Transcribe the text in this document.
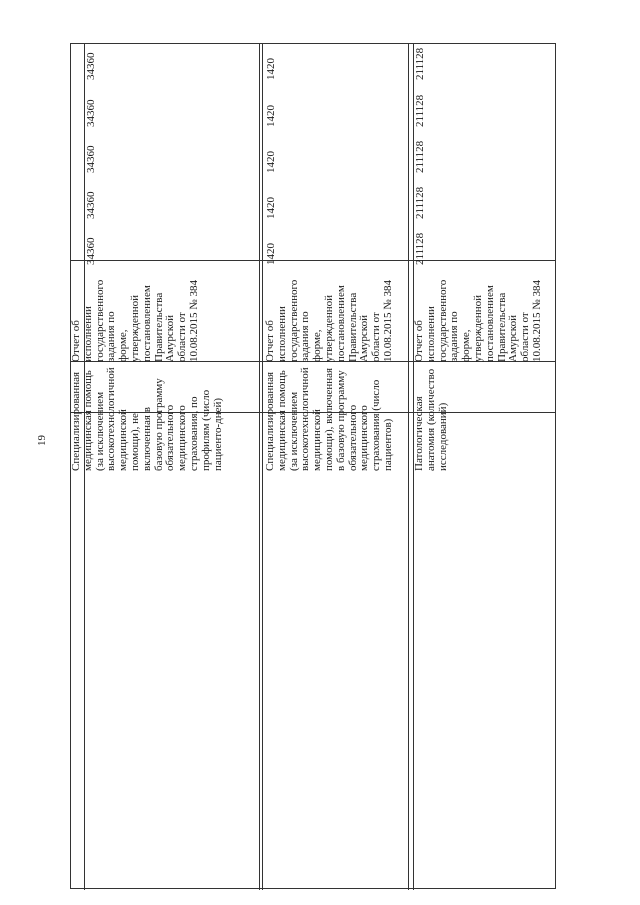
19 Специализированная
медицинская помощь
(за исключением
высокотехнологичной
медицинской
помощи), не
включенная в
базовую программу
обязательного
медицинского
страхования, по
профилям (число
пациенто-дней)
Отчет об
исполнении
государственного
задания по
форме,
утвержденной
постановлением
Правительства
Амурской
области от
10.08.2015 № 384
34360
34360
34360
34360
34360
Специализированная
медицинская помощь
(за исключением
высокотехнологичной
медицинской
помощи), включенная
в базовую программу
обязательного
медицинского
страхования (число
пациентов)
Отчет об
исполнении
государственного
задания по
форме,
утвержденной
постановлением
Правительства
Амурской
области от
10.08.2015 № 384
1420
1420
1420
1420
1420
Патологическая
анатомия (количество
исследований)
Отчет об
исполнении
государственного
задания по
форме,
утвержденной
постановлением
Правительства
Амурской
области от
10.08.2015 № 384
211128
211128
211128
211128
211128
